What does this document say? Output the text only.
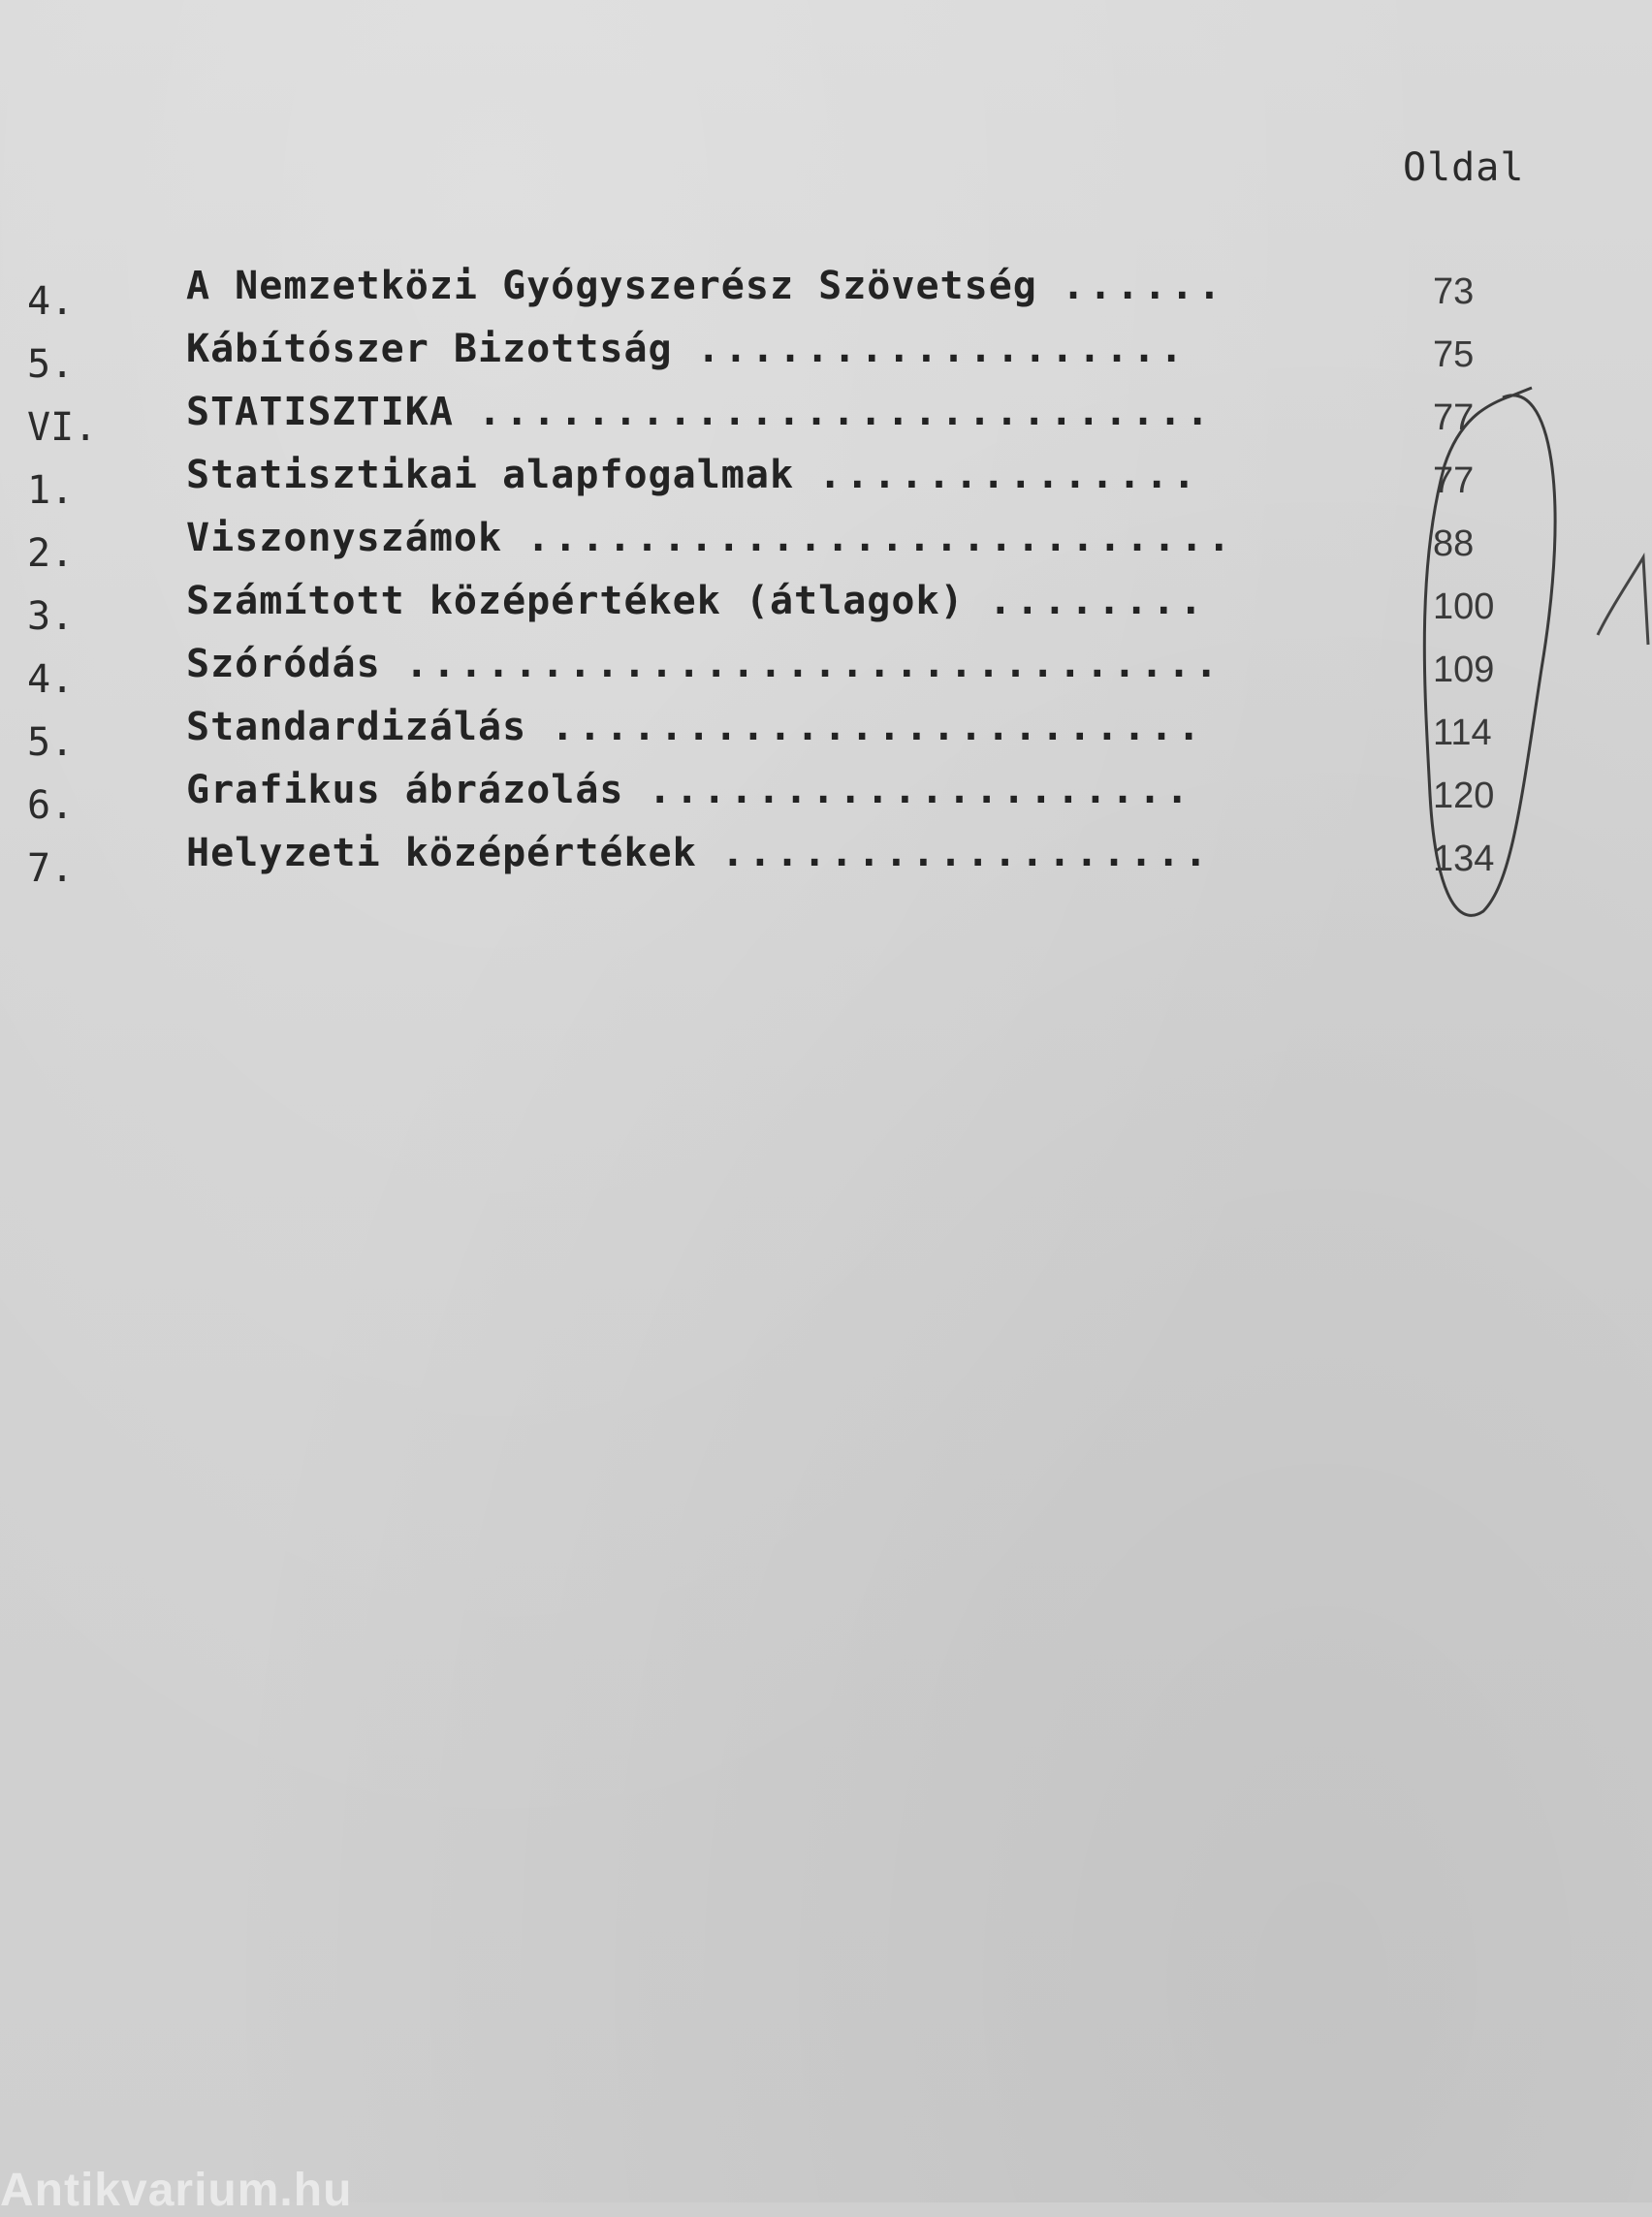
Oldal
4.	A Nemzetközi Gyógyszerész Szövetség ......	73
5.	Kábítószer Bizottság ..................	75
VI. STATISZTIKA ...........................	77
1.	Statisztikai alapfogalmak ..............	77
2.	Viszonyszámok ..........................	88
3.	Számított középértékek (átlagok) ........	100
4.	Szóródás ..............................	109
5.	Standardizálás ........................	114
6.	Grafikus ábrázolás ....................	120
7.	Helyzeti középértékek ..................	134
Antikvarium.hu
